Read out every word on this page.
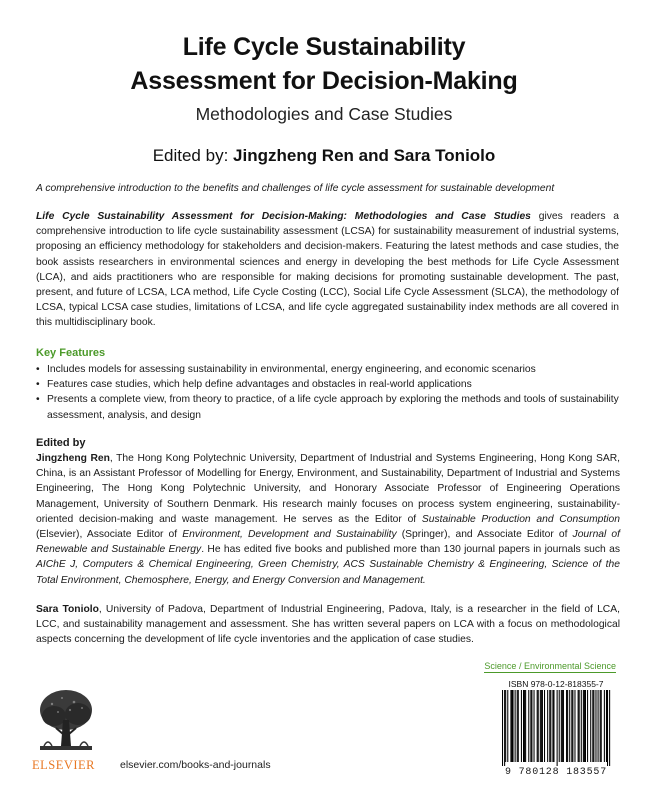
Life Cycle Sustainability
Assessment for Decision-Making
Methodologies and Case Studies
Edited by: Jingzheng Ren and Sara Toniolo
A comprehensive introduction to the benefits and challenges of life cycle assessment for sustainable development
Life Cycle Sustainability Assessment for Decision-Making: Methodologies and Case Studies gives readers a comprehensive introduction to life cycle sustainability assessment (LCSA) for sustainability measurement of industrial systems, proposing an efficiency methodology for stakeholders and decision-makers. Featuring the latest methods and case studies, the book assists researchers in environmental sciences and energy in developing the best methods for Life Cycle Assessment (LCA), and aids practitioners who are responsible for making decisions for promoting sustainable development. The past, present, and future of LCSA, LCA method, Life Cycle Costing (LCC), Social Life Cycle Assessment (SLCA), the methodology of LCSA, typical LCSA case studies, limitations of LCSA, and life cycle aggregated sustainability index methods are all covered in this multidisciplinary book.
Key Features
• Includes models for assessing sustainability in environmental, energy engineering, and economic scenarios
• Features case studies, which help define advantages and obstacles in real-world applications
• Presents a complete view, from theory to practice, of a life cycle approach by exploring the methods and tools of sustainability assessment, analysis, and design
Edited by
Jingzheng Ren, The Hong Kong Polytechnic University, Department of Industrial and Systems Engineering, Hong Kong SAR, China, is an Assistant Professor of Modelling for Energy, Environment, and Sustainability, Department of Industrial and Systems Engineering, The Hong Kong Polytechnic University, and Honorary Associate Professor of Engineering Operations Management, University of Southern Denmark. His research mainly focuses on process system engineering, sustainability-oriented decision-making and waste management. He serves as the Editor of Sustainable Production and Consumption (Elsevier), Associate Editor of Environment, Development and Sustainability (Springer), and Associate Editor of Journal of Renewable and Sustainable Energy. He has edited five books and published more than 130 journal papers in journals such as AIChE J, Computers & Chemical Engineering, Green Chemistry, ACS Sustainable Chemistry & Engineering, Science of the Total Environment, Chemosphere, Energy, and Energy Conversion and Management.
Sara Toniolo, University of Padova, Department of Industrial Engineering, Padova, Italy, is a researcher in the field of LCA, LCC, and sustainability management and assessment. She has written several papers on LCA with a focus on methodological aspects concerning the development of life cycle inventories and the application of case studies.
Science / Environmental Science
ISBN 978-0-12-818355-7
9 780128 183557
ELSEVIER elsevier.com/books-and-journals
